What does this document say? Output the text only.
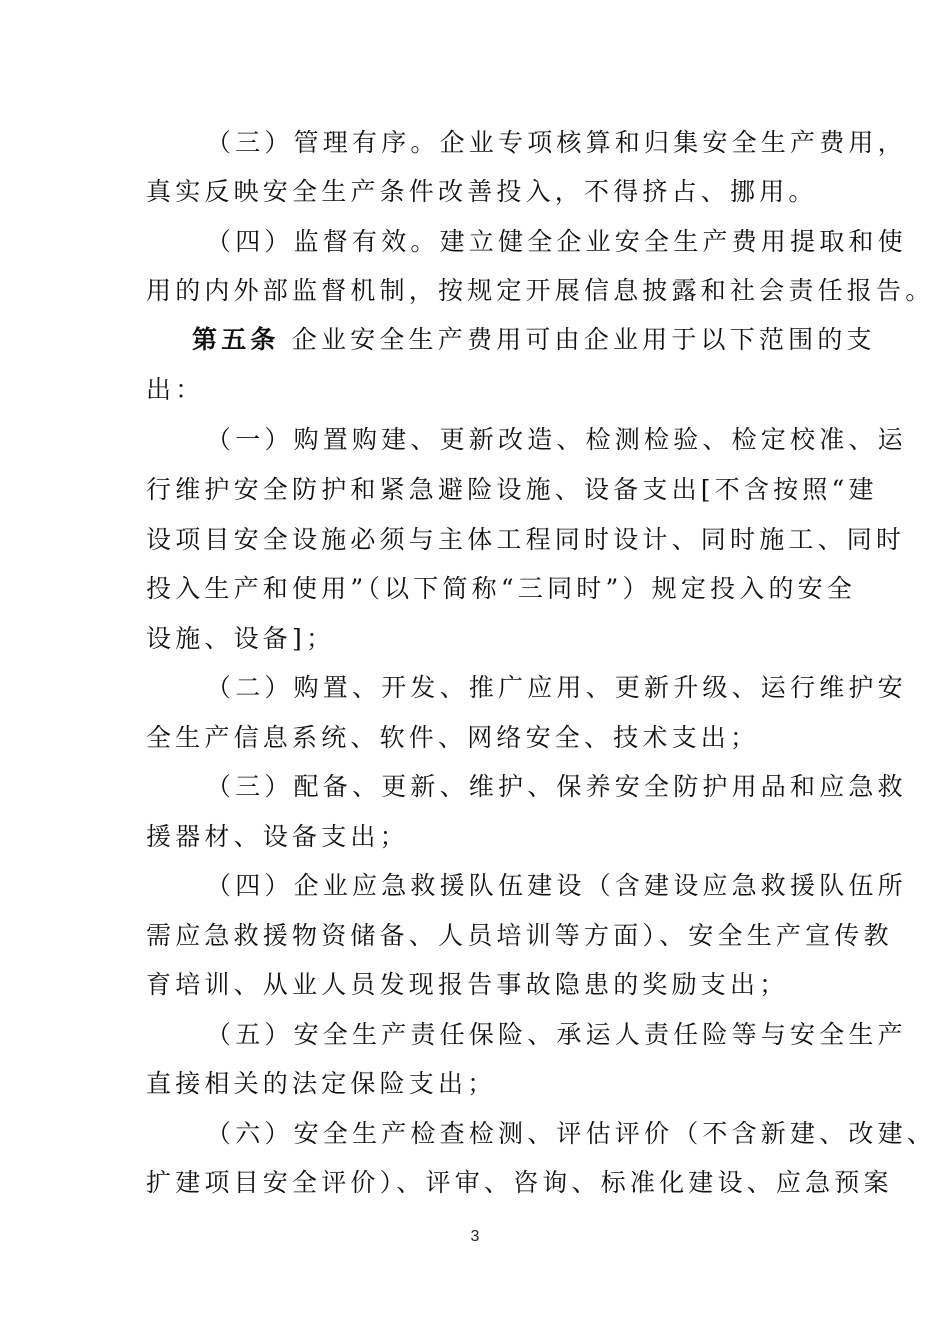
（三）管理有序。企业专项核算和归集安全生产费用，
真实反映安全生产条件改善投入，不得挤占、挪用。
（四）监督有效。建立健全企业安全生产费用提取和使
用的内外部监督机制，按规定开展信息披露和社会责任报告。
第五条 企业安全生产费用可由企业用于以下范围的支
出：
（一）购置购建、更新改造、检测检验、检定校准、运
行维护安全防护和紧急避险设施、设备支出[不含按照“建
设项目安全设施必须与主体工程同时设计、同时施工、同时
投入生产和使用”（以下简称“三同时”）规定投入的安全
设施、设备]；
（二）购置、开发、推广应用、更新升级、运行维护安
全生产信息系统、软件、网络安全、技术支出；
（三）配备、更新、维护、保养安全防护用品和应急救
援器材、设备支出；
（四）企业应急救援队伍建设（含建设应急救援队伍所
需应急救援物资储备、人员培训等方面）、安全生产宣传教
育培训、从业人员发现报告事故隐患的奖励支出；
（五）安全生产责任保险、承运人责任险等与安全生产
直接相关的法定保险支出；
（六）安全生产检查检测、评估评价（不含新建、改建、
扩建项目安全评价）、评审、咨询、标准化建设、应急预案
3
